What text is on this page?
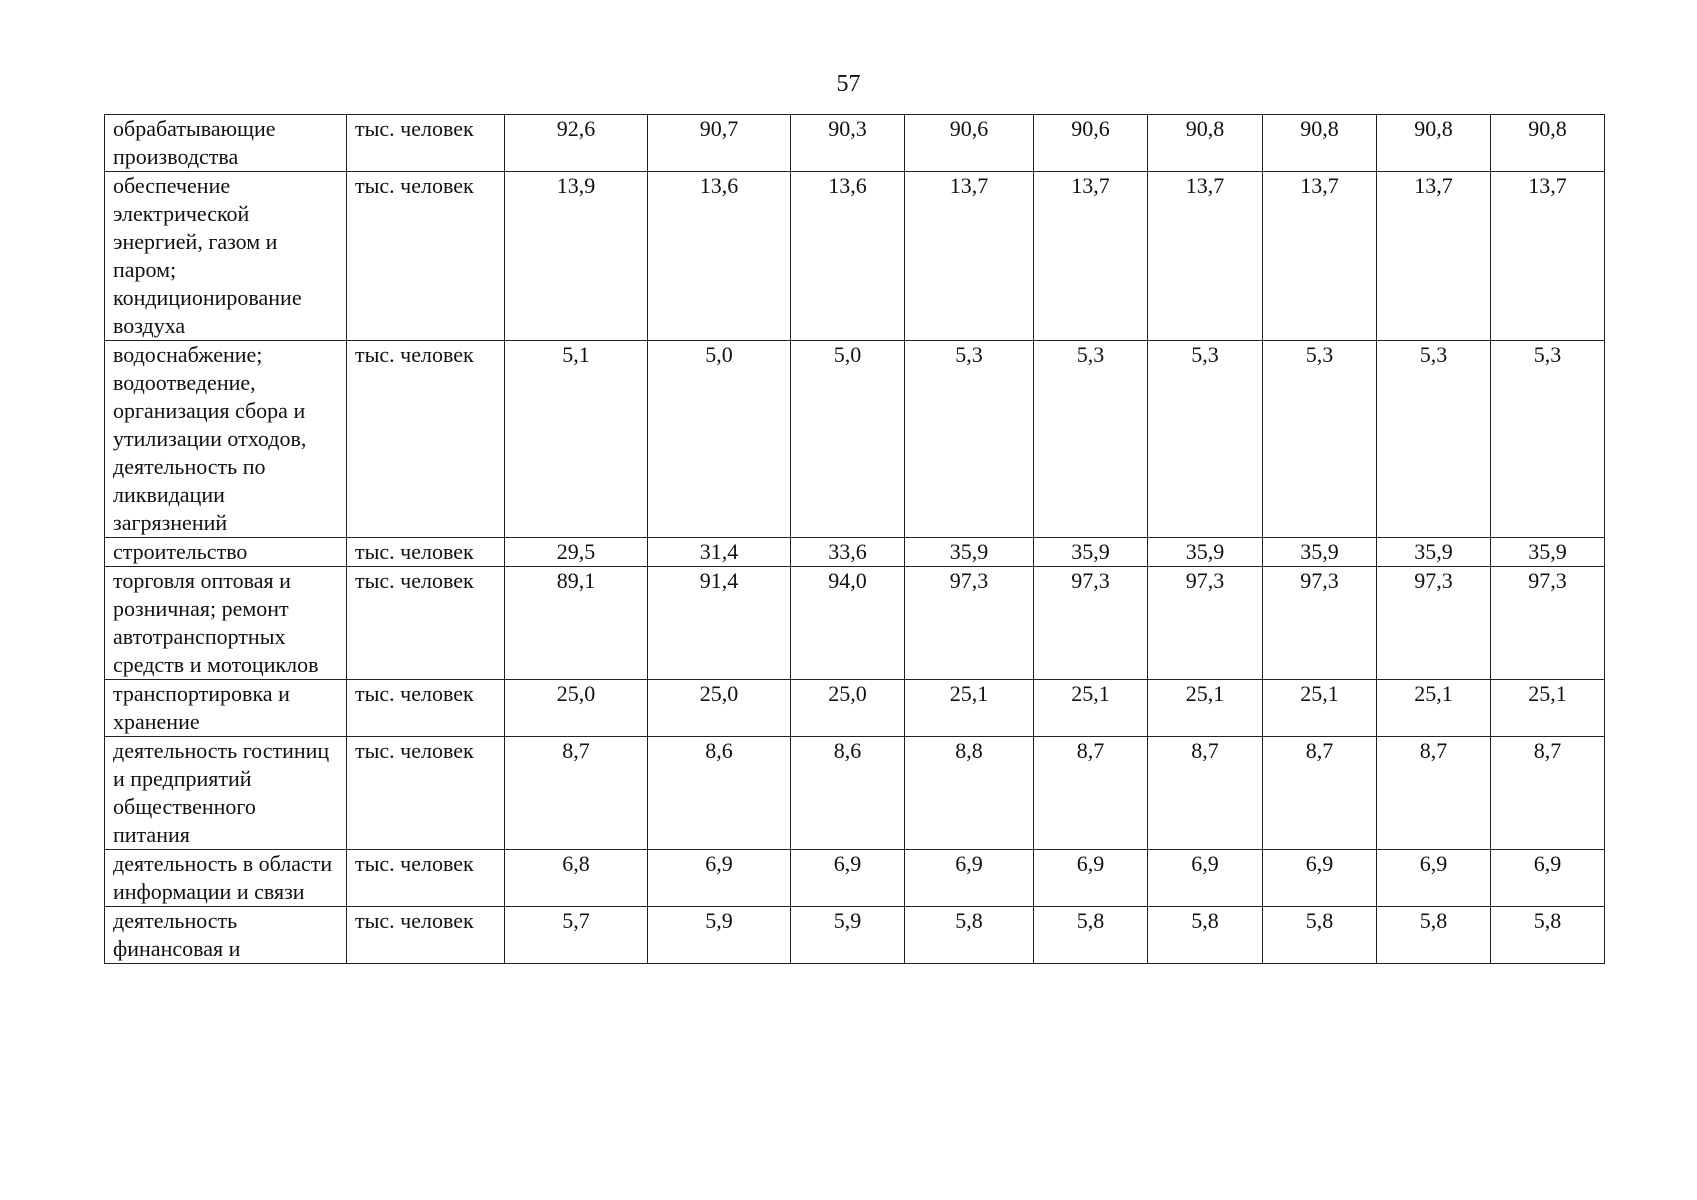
57
обрабатывающие производства	тыс. человек	92,6	90,7	90,3	90,6	90,6	90,8	90,8	90,8	90,8
обеспечение электрической энергией, газом и паром; кондиционирование воздуха	тыс. человек	13,9	13,6	13,6	13,7	13,7	13,7	13,7	13,7	13,7
водоснабжение; водоотведение, организация сбора и утилизации отходов, деятельность по ликвидации загрязнений	тыс. человек	5,1	5,0	5,0	5,3	5,3	5,3	5,3	5,3	5,3
строительство	тыс. человек	29,5	31,4	33,6	35,9	35,9	35,9	35,9	35,9	35,9
торговля оптовая и розничная; ремонт автотранспортных средств и мотоциклов	тыс. человек	89,1	91,4	94,0	97,3	97,3	97,3	97,3	97,3	97,3
транспортировка и хранение	тыс. человек	25,0	25,0	25,0	25,1	25,1	25,1	25,1	25,1	25,1
деятельность гостиниц и предприятий общественного питания	тыс. человек	8,7	8,6	8,6	8,8	8,7	8,7	8,7	8,7	8,7
деятельность в области информации и связи	тыс. человек	6,8	6,9	6,9	6,9	6,9	6,9	6,9	6,9	6,9
деятельность финансовая и	тыс. человек	5,7	5,9	5,9	5,8	5,8	5,8	5,8	5,8	5,8
